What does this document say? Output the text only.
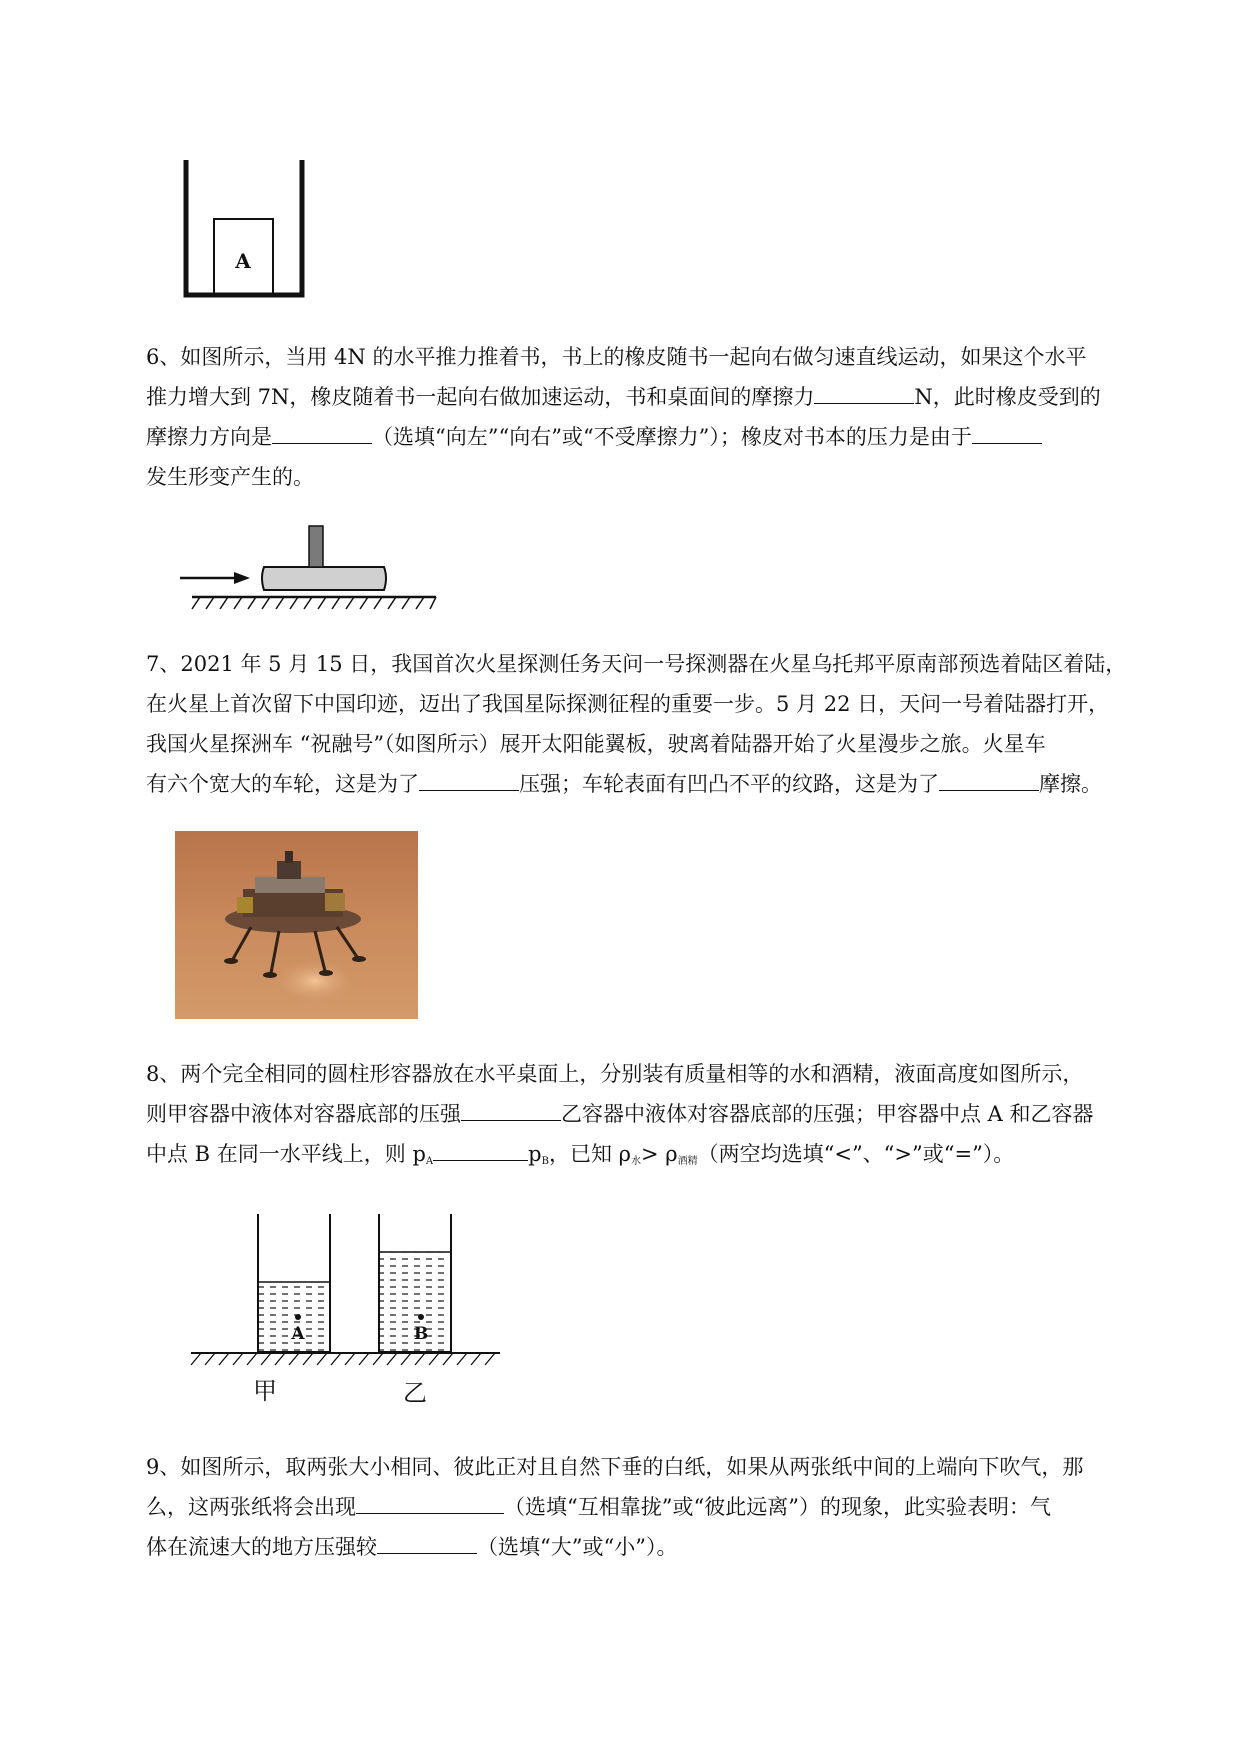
A
6、如图所示，当用 4N 的水平推力推着书，书上的橡皮随书一起向右做匀速直线运动，如果这个水平
推力增大到 7N，橡皮随着书一起向右做加速运动，书和桌面间的摩擦力	N，此时橡皮受到的
摩擦力方向是	（选填“向左”“向右”或“不受摩擦力”）；橡皮对书本的压力是由于
发生形变产生的。
7、2021 年 5 月 15 日，我国首次火星探测任务天问一号探测器在火星乌托邦平原南部预选着陆区着陆，
在火星上首次留下中国印迹，迈出了我国星际探测征程的重要一步。5 月 22 日，天问一号着陆器打开，
我国火星探洲车 “祝融号”（如图所示）展开太阳能翼板，驶离着陆器开始了火星漫步之旅。火星车
有六个宽大的车轮，这是为了	压强；车轮表面有凹凸不平的纹路，这是为了	摩擦。
8、两个完全相同的圆柱形容器放在水平桌面上，分别装有质量相等的水和酒精，液面高度如图所示，
则甲容器中液体对容器底部的压强	乙容器中液体对容器底部的压强；甲容器中点 A 和乙容器
中点 B 在同一水平线上，则 $p_A$	$p_B$，已知 $\rho_水> \rho_{酒精}$（两空均选填“<”、“>”或“=”）。
A	B
甲	乙
9、如图所示，取两张大小相同、彼此正对且自然下垂的白纸，如果从两张纸中间的上端向下吹气，那
么，这两张纸将会出现	（选填“互相靠拢”或“彼此远离”）的现象，此实验表明：气
体在流速大的地方压强较	（选填“大”或“小”）。
